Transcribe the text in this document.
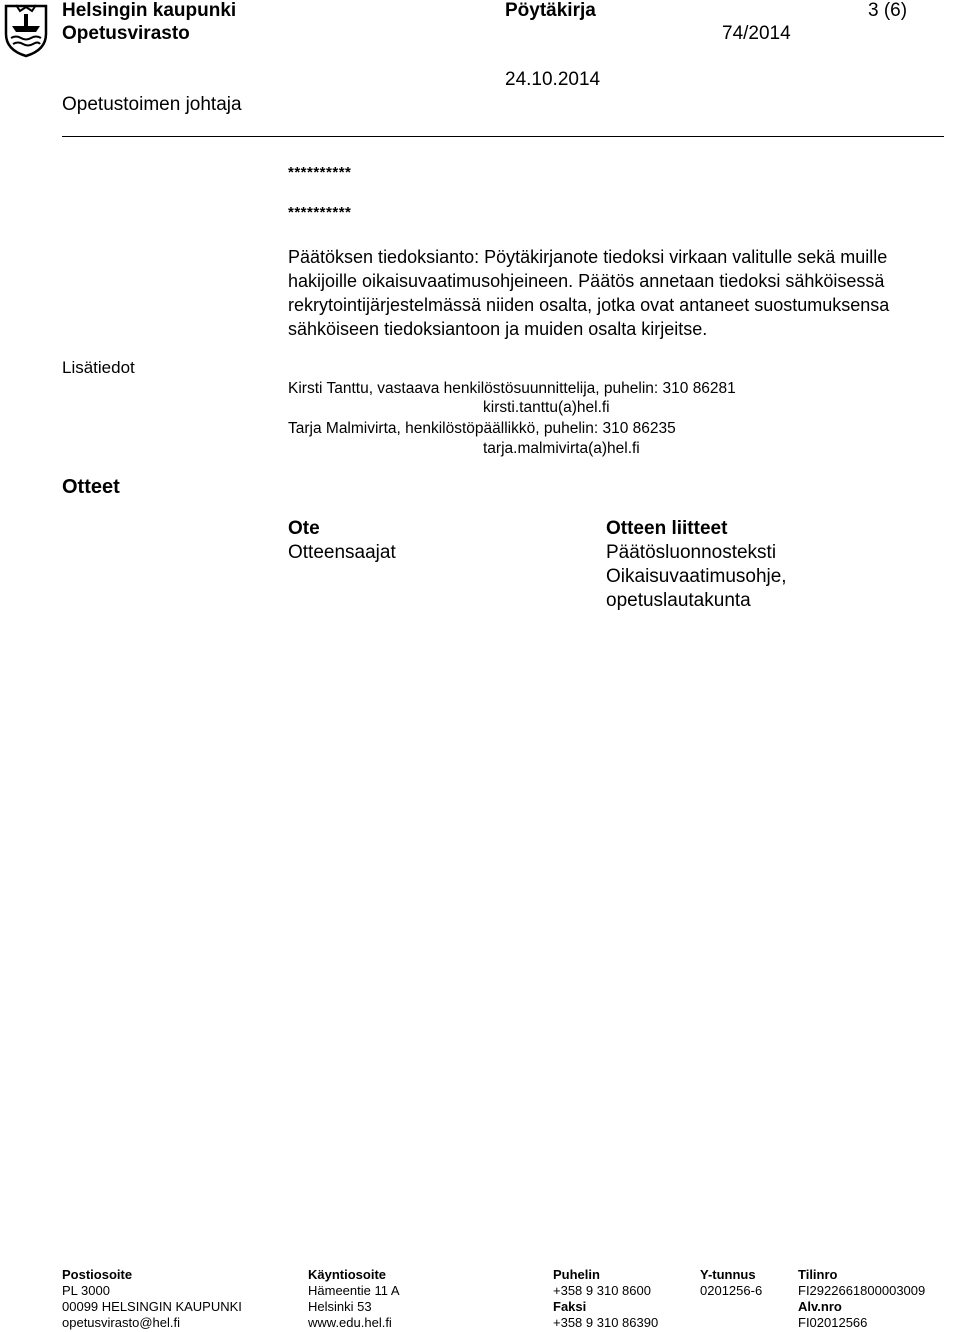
Helsingin kaupunki
Opetusvirasto
Pöytäkirja	3 (6)
74/2014
24.10.2014
Opetustoimen johtaja
**********
**********

Päätöksen tiedoksianto: Pöytäkirjanote tiedoksi virkaan valitulle sekä muille hakijoille oikaisuvaatimusohjeineen. Päätös annetaan tiedoksi sähköisessä rekrytointijärjestelmässä niiden osalta, jotka ovat antaneet suostumuksensa sähköiseen tiedoksiantoon ja muiden osalta kirjeitse.

Lisätiedot
Kirsti Tanttu, vastaava henkilöstösuunnittelija, puhelin: 310 86281
kirsti.tanttu(a)hel.fi
Tarja Malmivirta, henkilöstöpäällikkö, puhelin: 310 86235
tarja.malmivirta(a)hel.fi
Otteet
Ote
Otteensaajat
Otteen liitteet
Päätösluonnosteksti
Oikaisuvaatimusohje,
opetuslautakunta
Postiosoite
PL 3000
00099 HELSINGIN KAUPUNKI
opetusvirasto@hel.fi
Käyntiosoite
Hämeentie 11 A
Helsinki 53
www.edu.hel.fi
Puhelin
+358 9 310 8600
Faksi
+358 9 310 86390
Y-tunnus
0201256-6
Tilinro
FI2922661800003009
Alv.nro
FI02012566
